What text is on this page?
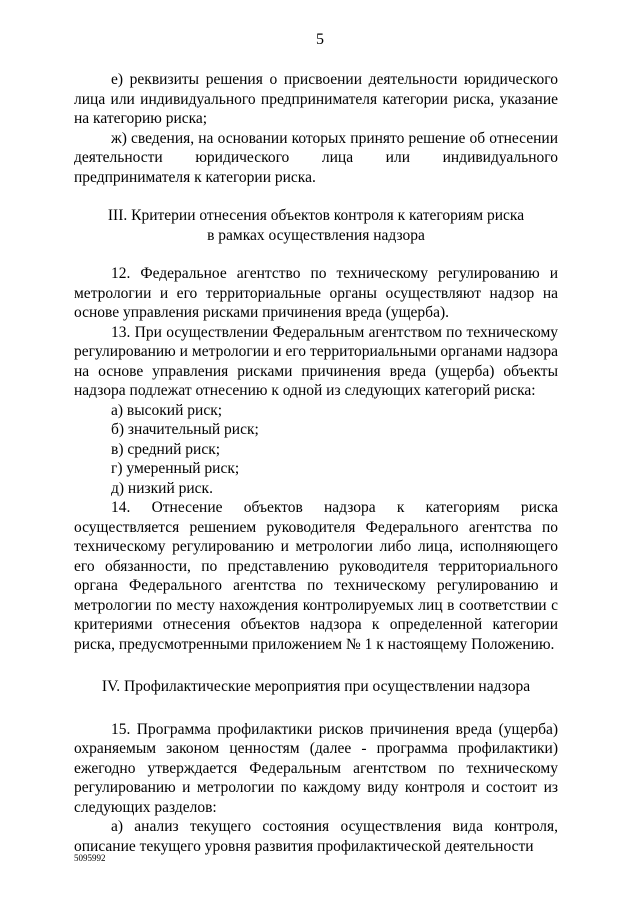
5

е) реквизиты решения о присвоении деятельности юридического лица или индивидуального предпринимателя категории риска, указание на категорию риска;

ж) сведения, на основании которых принято решение об отнесении деятельности юридического лица или индивидуального предпринимателя к категории риска.

III. Критерии отнесения объектов контроля к категориям риска

в рамках осуществления надзора

12. Федеральное агентство по техническому регулированию и метрологии и его территориальные органы осуществляют надзор на основе управления рисками причинения вреда (ущерба).

13. При осуществлении Федеральным агентством по техническому регулированию и метрологии и его территориальными органами надзора на основе управления рисками причинения вреда (ущерба) объекты надзора подлежат отнесению к одной из следующих категорий риска:

а) высокий риск;

б) значительный риск;

в) средний риск;

г) умеренный риск;

д) низкий риск.

14. Отнесение объектов надзора к категориям риска осуществляется решением руководителя Федерального агентства по техническому регулированию и метрологии либо лица, исполняющего его обязанности, по представлению руководителя территориального органа Федерального агентства по техническому регулированию и метрологии по месту нахождения контролируемых лиц в соответствии с критериями отнесения объектов надзора к определенной категории риска, предусмотренными приложением № 1 к настоящему Положению.

IV. Профилактические мероприятия при осуществлении надзора

15. Программа профилактики рисков причинения вреда (ущерба) охраняемым законом ценностям (далее - программа профилактики) ежегодно утверждается Федеральным агентством по техническому регулированию и метрологии по каждому виду контроля и состоит из следующих разделов:

а) анализ текущего состояния осуществления вида контроля, описание текущего уровня развития профилактической деятельности

5095992
